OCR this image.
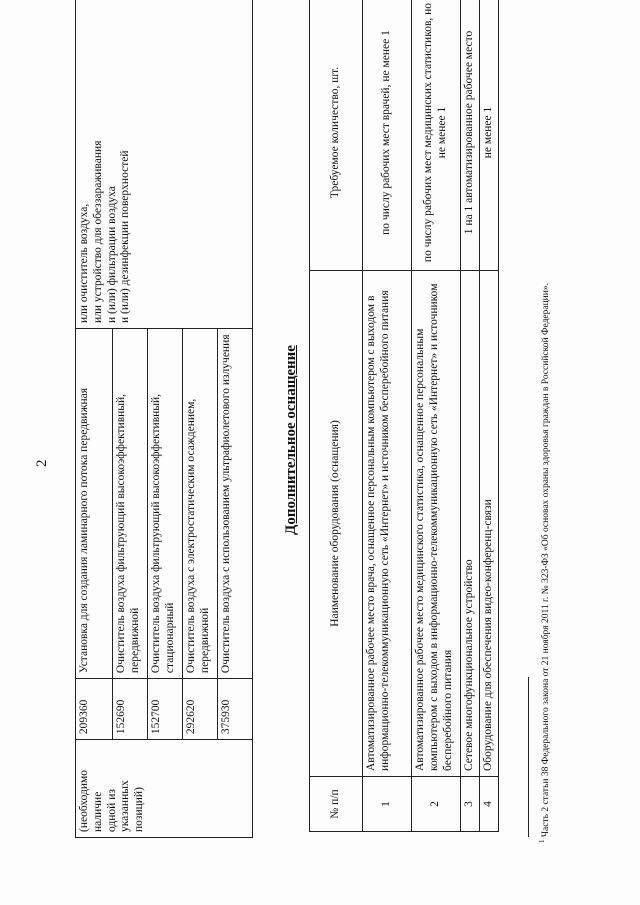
2
(необходимо наличие одной из указанных позиций)	209360	Установка для создания ламинарного потока передвижная	или очиститель воздуха, или устройство для обеззараживания и (или) фильтрации воздуха и (или) дезинфекции поверхностей
	152690	Очиститель воздуха фильтрующий высокоэффективный, передвижной	
	152700	Очиститель воздуха фильтрующий высокоэффективный, стационарный	
	292620	Очиститель воздуха с электростатическим осаждением, передвижной	
	375930	Очиститель воздуха с использованием ультрафиолетового излучения		Дополнительное оснащение
№ п/п	Наименование оборудования (оснащения)	Требуемое количество, шт.
1	Автоматизированное рабочее место врача, оснащенное персональным компьютером с выходом в информационно-телекоммуникационную сеть «Интернет» и источником бесперебойного питания	по числу рабочих мест врачей, не менее 1
2	Автоматизированное рабочее место медицинского статистика, оснащенное персональным компьютером с выходом в информационно-телекоммуникационную сеть «Интернет» и источником бесперебойного питания	по числу рабочих мест медицинских статистиков, но не менее 1
3	Сетевое многофункциональное устройство	1 на 1 автоматизированное рабочее место
4	Оборудование для обеспечения видео-конференц-связи	не менее 1
$^1$ Часть 2 статьи 38 Федерального закона от 21 ноября 2011 г. № 323-ФЗ «Об основах охраны здоровья граждан в Российской Федерации».
